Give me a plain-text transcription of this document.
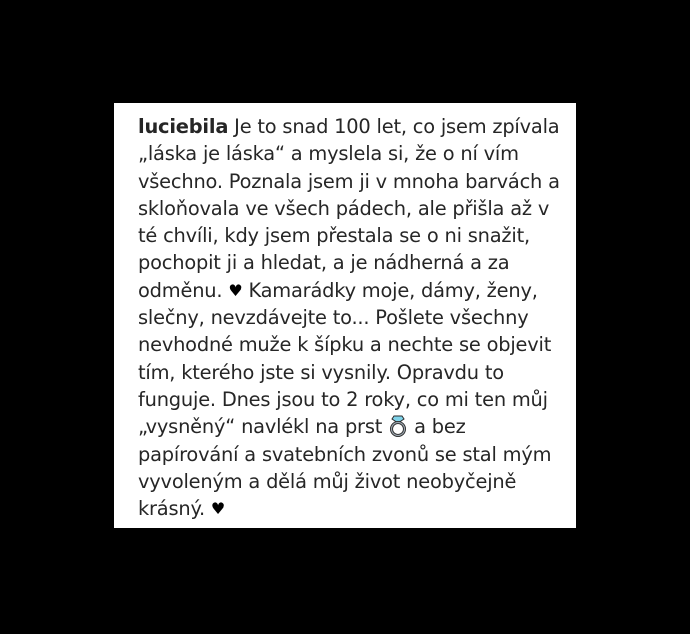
luciebila Je to snad 100 let, co jsem zpívala
„láska je láska“ a myslela si, že o ní vím
všechno. Poznala jsem ji v mnoha barvách a
skloňovala ve všech pádech, ale přišla až v
té chvíli, kdy jsem přestala se o ni snažit,
pochopit ji a hledat, a je nádherná a za
odměnu. ♥ Kamarádky moje, dámy, ženy,
slečny, nevzdávejte to... Pošlete všechny
nevhodné muže k šípku a nechte se objevit
tím, kterého jste si vysnily. Opravdu to
funguje. Dnes jsou to 2 roky, co mi ten můj
„vysněný“ navlékl na prst a bez
papírování a svatebních zvonů se stal mým
vyvoleným a dělá můj život neobyčejně
krásný. ♥
